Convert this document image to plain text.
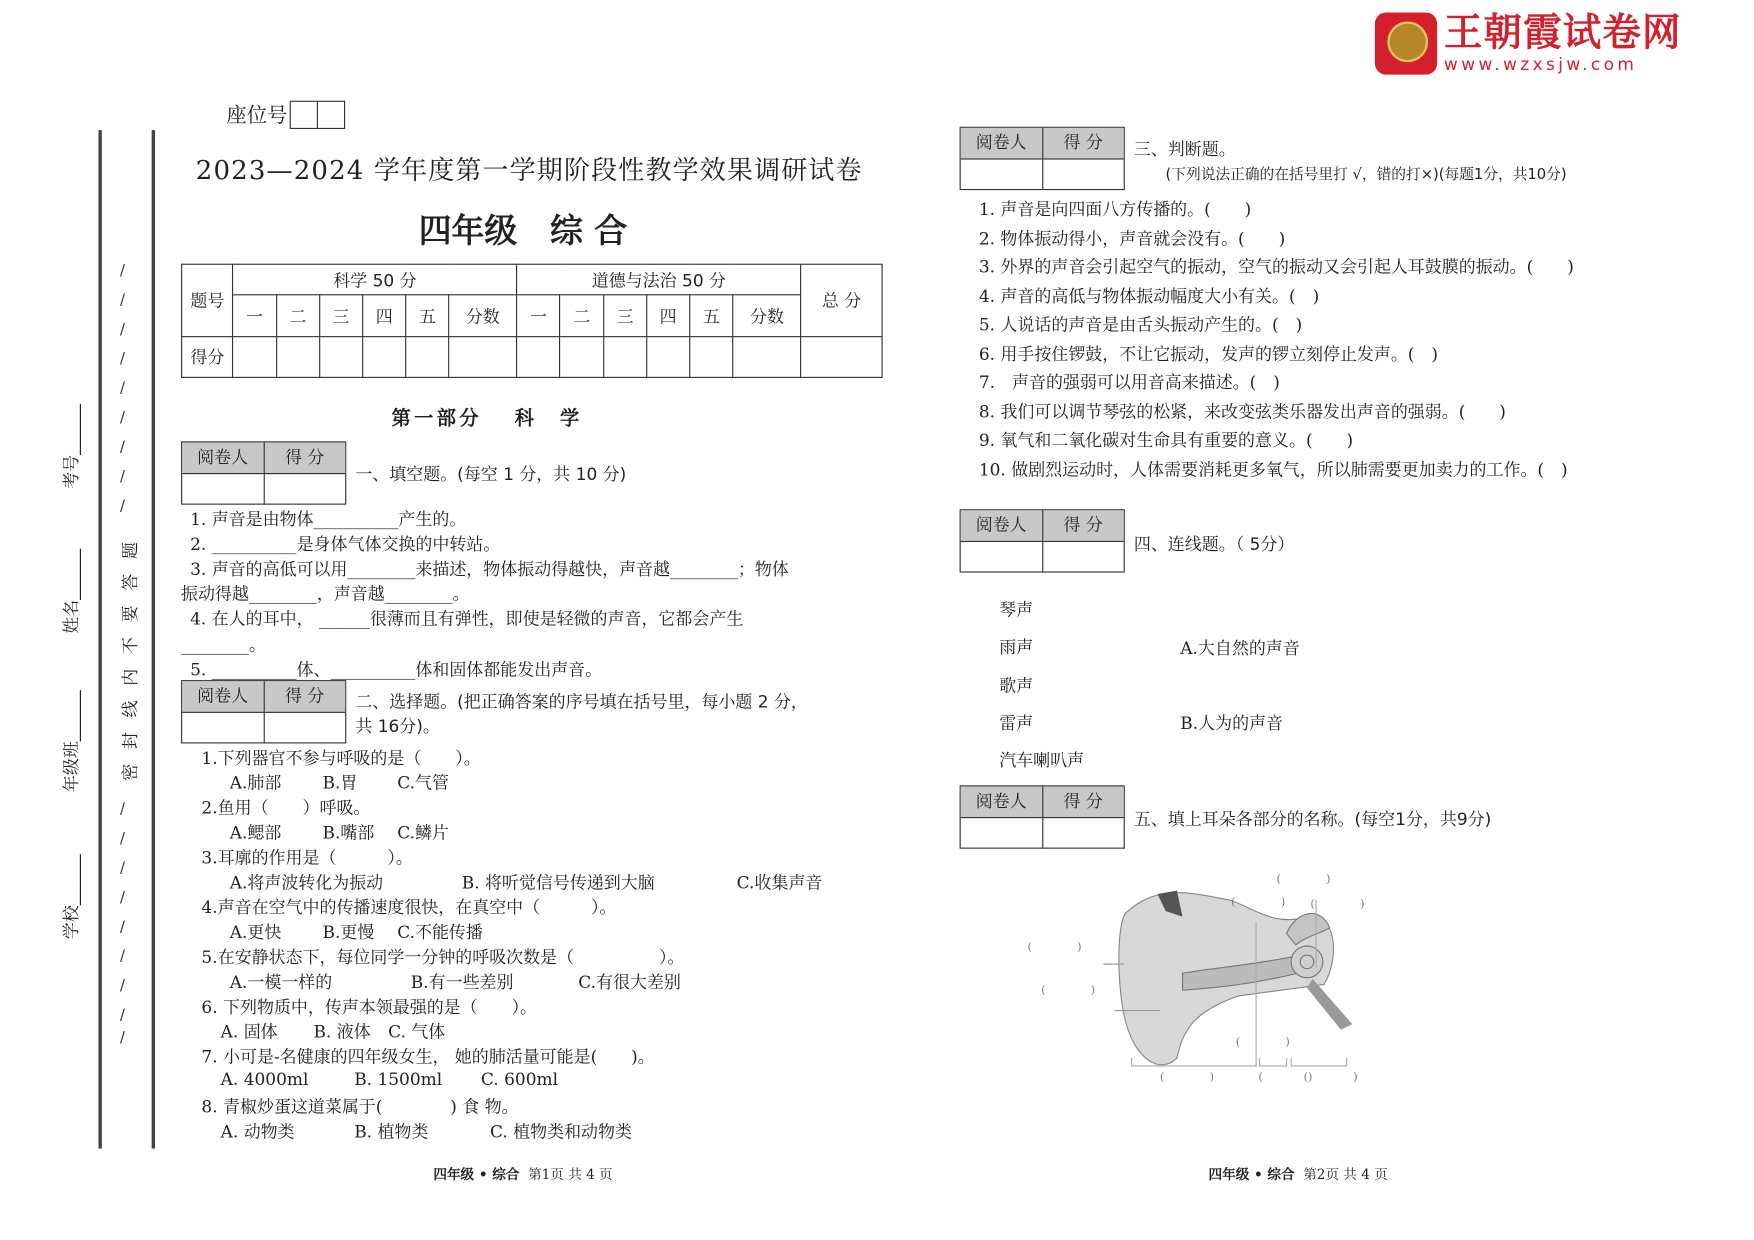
王朝霞试卷网
www.wzxsjw.com
学校______
年级班______
姓名______
考号______
/
/
/
/
/
/
/
/
/
/
/
/
/
/
/
/
/
/
密封线内不要答题
座位号
2023—2024 学年度第一学期阶段性教学效果调研试卷
四年级　综 合
题号	科学 50 分						道德与法治 50 分						总 分
	一	二	三	四	五	分数	一	二	三	四	五	分数	
得分													
第一部分　 科　学
阅卷人	得 分
一、填空题。(每空 1 分，共 10 分)
1. 声音是由物体__________产生的。
2. __________是身体气体交换的中转站。
3. 声音的高低可以用________来描述，物体振动得越快，声音越________；物体
振动得越________，声音越________。
4. 在人的耳中， ______很薄而且有弹性，即使是轻微的声音，它都会产生
________。
5. __________体、__________体和固体都能发出声音。
阅卷人	得 分	二、选择题。(把正确答案的序号填在括号里，每小题 2 分，
共 16分)。
1.下列器官不参与呼吸的是（　　）。
A.肺部	B.胃	C.气管
2.鱼用（　　）呼吸。
A.鳃部	B.嘴部 C.鳞片
3.耳廓的作用是（　　　）。
A.将声波转化为振动	B. 将听觉信号传递到大脑	C.收集声音
4.声音在空气中的传播速度很快，在真空中（　　　）。
A.更快	B.更慢 C.不能传播
5.在安静状态下，每位同学一分钟的呼吸次数是（　　　　　）。
A.一模一样的	B.有一些差别	C.有很大差别
6. 下列物质中，传声本领最强的是（　　）。
A. 固体 B. 液体 C. 气体
7. 小可是-名健康的四年级女生， 她的肺活量可能是(　　)。
A. 4000ml	B. 1500ml	C. 600ml
8. 青椒炒蛋这道菜属于(　　　　) 食 物。
A. 动物类	B. 植物类	C. 植物类和动物类
四年级 • 综合 第1页 共 4 页
阅卷人	得 分	三、判断题。
(下列说法正确的在括号里打 √，错的打×)(每题1分，共10分)
1. 声音是向四面八方传播的。(　　)
2. 物体振动得小，声音就会没有。(　　)
3. 外界的声音会引起空气的振动，空气的振动又会引起人耳鼓膜的振动。(　　)
4. 声音的高低与物体振动幅度大小有关。(　)
5. 人说话的声音是由舌头振动产生的。(　)
6. 用手按住锣鼓，不让它振动，发声的锣立刻停止发声。(　)
7.　声音的强弱可以用音高来描述。(　)
8. 我们可以调节琴弦的松紧，来改变弦类乐器发出声音的强弱。(　　)
9. 氧气和二氧化碳对生命具有重要的意义。(　　)
10. 做剧烈运动时，人体需要消耗更多氧气，所以肺需要更加卖力的工作。(　)
阅卷人	得 分
四、连线题。（ 5分）
琴声
雨声
歌声
雷声
汽车喇叭声
A.大自然的声音
B.人为的声音
阅卷人	得 分
五、填上耳朵各部分的名称。(每空1分，共9分)
(　　　　)
(　　　　)	(　　　　)
(　　　　)
(　　　　)
(　　　　)
(　　　　)	(　　　　)
(　　　　)
四年级 • 综合 第2页 共 4 页
